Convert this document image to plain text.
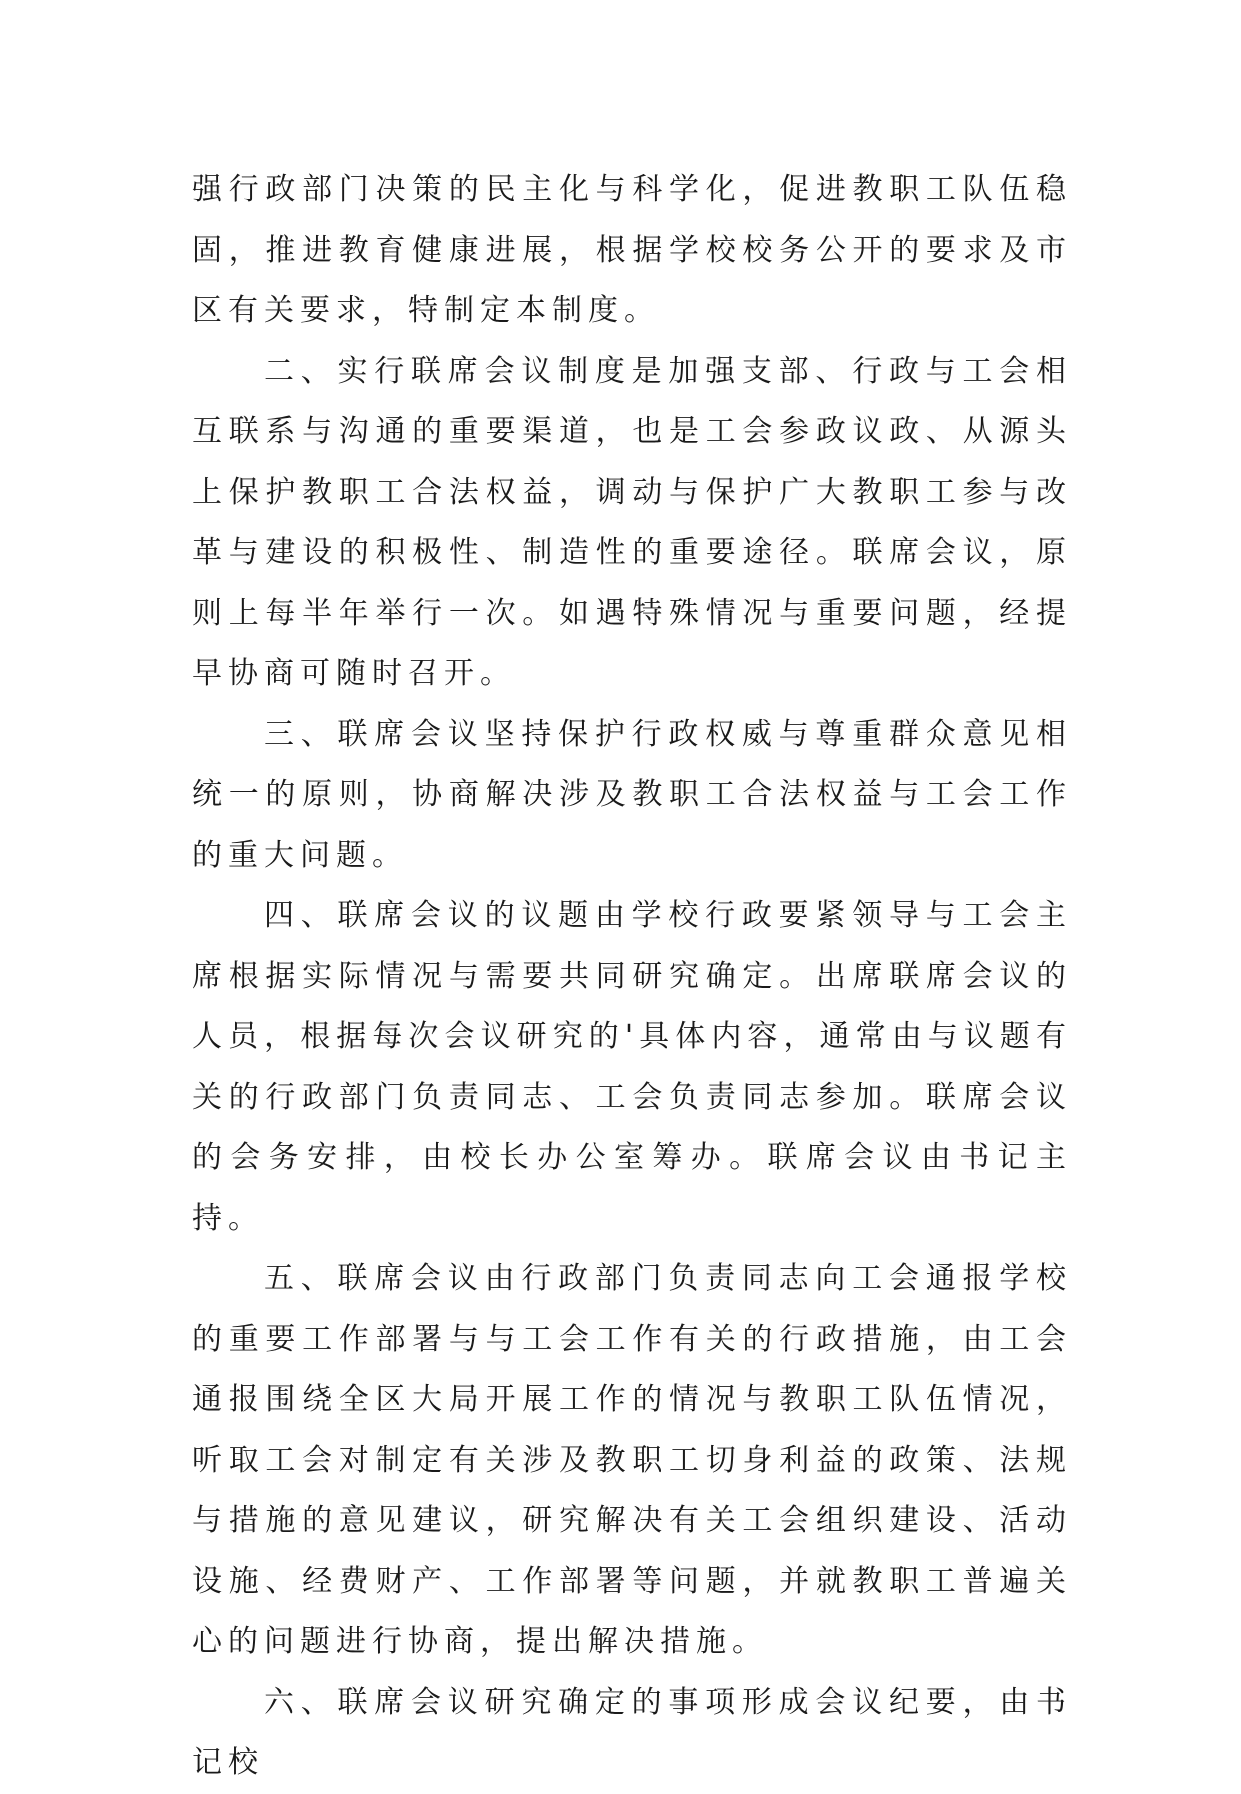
强行政部门决策的民主化与科学化，促进教职工队伍稳固，推进教育健康进展，根据学校校务公开的要求及市区有关要求，特制定本制度。

二、实行联席会议制度是加强支部、行政与工会相互联系与沟通的重要渠道，也是工会参政议政、从源头上保护教职工合法权益，调动与保护广大教职工参与改革与建设的积极性、制造性的重要途径。联席会议，原则上每半年举行一次。如遇特殊情况与重要问题，经提早协商可随时召开。

三、联席会议坚持保护行政权威与尊重群众意见相统一的原则，协商解决涉及教职工合法权益与工会工作的重大问题。

四、联席会议的议题由学校行政要紧领导与工会主席根据实际情况与需要共同研究确定。出席联席会议的人员，根据每次会议研究的'具体内容，通常由与议题有关的行政部门负责同志、工会负责同志参加。联席会议的会务安排，由校长办公室筹办。联席会议由书记主持。

五、联席会议由行政部门负责同志向工会通报学校的重要工作部署与与工会工作有关的行政措施，由工会通报围绕全区大局开展工作的情况与教职工队伍情况，听取工会对制定有关涉及教职工切身利益的政策、法规与措施的意见建议，研究解决有关工会组织建设、活动设施、经费财产、工作部署等问题，并就教职工普遍关心的问题进行协商，提出解决措施。

六、联席会议研究确定的事项形成会议纪要，由书记校
